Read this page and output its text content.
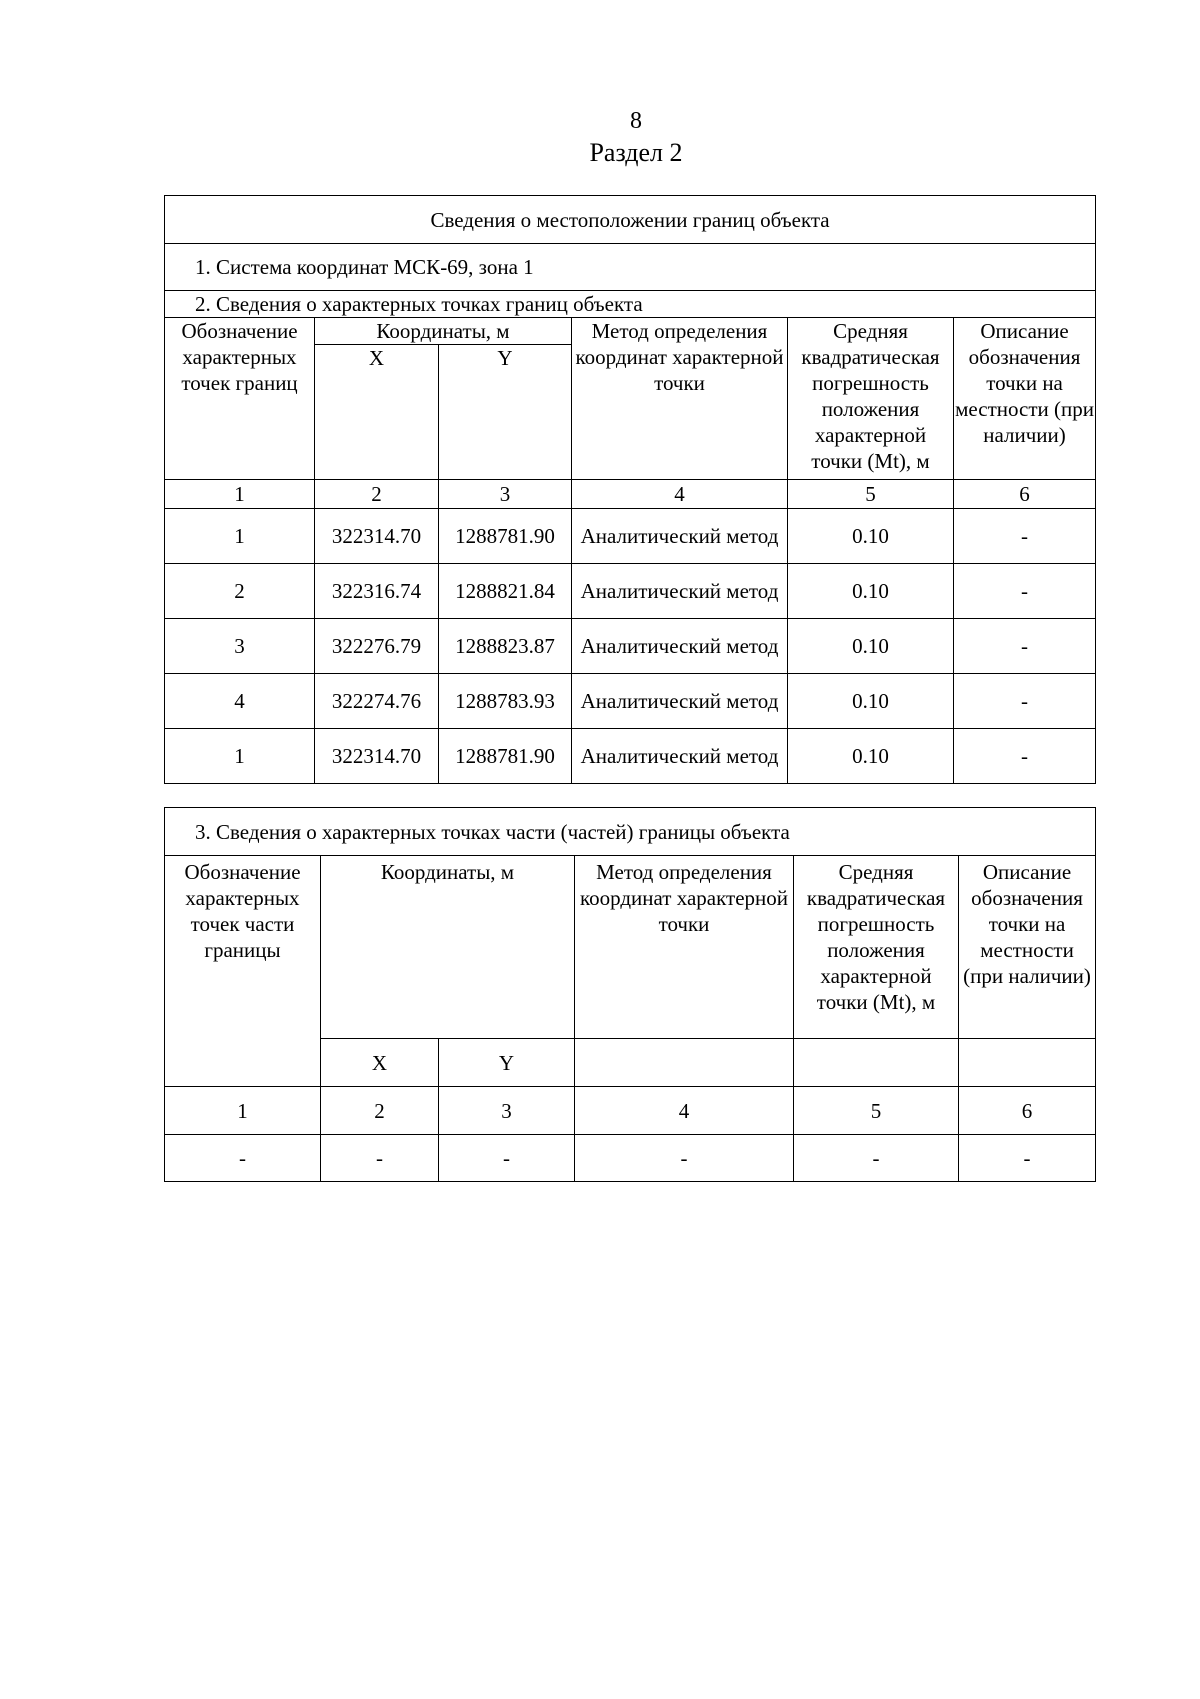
8
Раздел 2
Сведения о местоположении границ объекта					
1. Система координат МСК-69, зона 1					
2. Сведения о характерных точках границ объекта					
Обозначение характерных точек границ	Координаты, м		Метод определения координат характерной точки	Средняя квадратическая погрешность положения характерной точки (Mt), м	Описание обозначения точки на местности (при наличии)
	X	Y			
1	2	3	4	5	6
1	322314.70	1288781.90	Аналитический метод	0.10	-
2	322316.74	1288821.84	Аналитический метод	0.10	-
3	322276.79	1288823.87	Аналитический метод	0.10	-
4	322274.76	1288783.93	Аналитический метод	0.10	-
1	322314.70	1288781.90	Аналитический метод	0.10	-
3. Сведения о характерных точках части (частей) границы объекта					
Обозначение характерных точек части границы	Координаты, м		Метод определения координат характерной точки	Средняя квадратическая погрешность положения характерной точки (Mt), м	Описание обозначения точки на местности (при наличии)
	X	Y			
1	2	3	4	5	6
-	-	-	-	-	-
